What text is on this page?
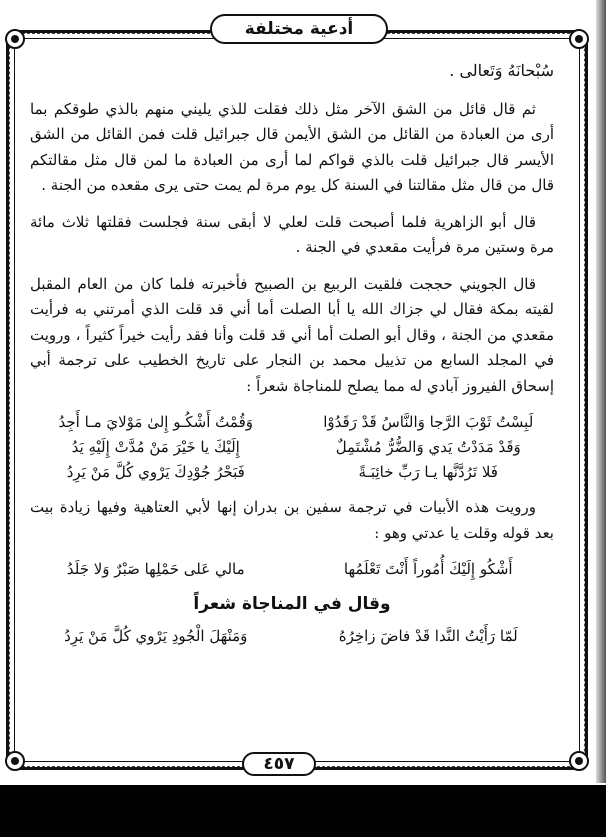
أدعية مختلفة

سُبْحانَهُ وَتَعالى .

ثم قال قائل من الشق الآخر مثل ذلك فقلت للذي يليني منهم بالذي طوقكم بما أرى من العبادة من القائل من الشق الأيمن قال جبرائيل قلت فمن القائل من الشق الأيسر قال جبرائيل قلت بالذي قواكم لما أرى من العبادة ما لمن قال مثل مقالتكم قال من قال مثل مقالتنا في السنة كل يوم مرة لم يمت حتى يرى مقعده من الجنة .

قال أبو الزاهرية فلما أصبحت قلت لعلي لا أبقى سنة فجلست فقلتها ثلاث مائة مرة وستين مرة فرأيت مقعدي في الجنة .

قال الجويني حججت فلقيت الربيع بن الصبيح فأخبرته فلما كان من العام المقبل لقيته بمكة فقال لي جزاك الله يا أبا الصلت أما أني قد قلت الذي أمرتني به فرأيت مقعدي من الجنة ، وقال أبو الصلت أما أني قد قلت وأنا فقد رأيت خيراً كثيراً ، ورويت في المجلد السابع من تذييل محمد بن النجار على تاريخ الخطيب على ترجمة أبي إسحاق الفيروز آبادي له مما يصلح للمناجاة شعراً :

لَبِسْتُ ثَوْبَ الرَّجا وَالنَّاسُ قَدْ رَقَدُوْا
وَقُمْتُ أَشْكُـو إِلىٰ مَوْلايَ مـا أَجِدُ
وَقَدْ مَدَدْتُ يَدي وَالضُّرُّ مُشْتَمِلٌ
إِلَيْكَ يا خَيْرَ مَنْ مُدَّتْ إِلَيْهِ يَدُ
فَلا تَرُدَّنَّها يـا رَبِّ خائِبَـةً
فَبَحْرُ جُوْدِكَ يَرْوي كُلَّ مَنْ يَرِدُ

ورويت هذه الأبيات في ترجمة سفين بن بدران إنها لأبي العتاهية وفيها زيادة بيت بعد قوله وقلت يا عدتي وهو :

أَشْكُو إِلَيْكَ أُمُوراً أَنْتَ تَعْلَمُها
مالي عَلى حَمْلِها صَبْرٌ وَلا جَلَدُ
وقال في المناجاة شعراً
لَمّا رَأَيْتُ النَّدا قَدْ فاضَ زاخِرُهُ
وَمَنْهَلَ الْجُودِ يَرْوي كُلَّ مَنْ يَرِدُ
٤٥٧
